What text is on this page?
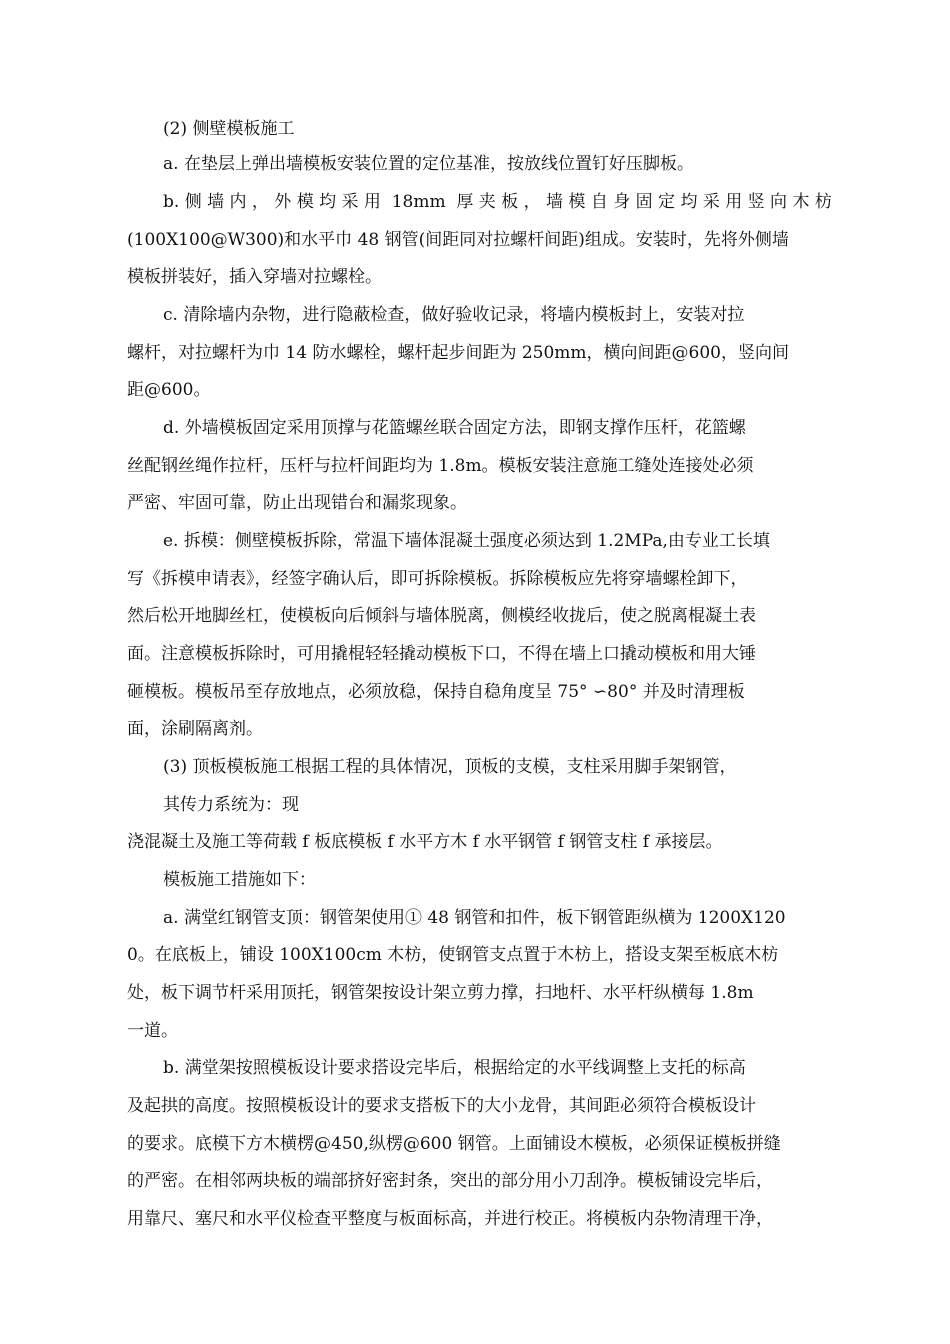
(2) 侧壁模板施工
a. 在垫层上弹出墙模板安装位置的定位基准，按放线位置钉好压脚板。
b. 侧 墙 内 ， 外 模 均 采 用  18mm  厚 夹 板 ， 墙 模 自 身 固 定 均 采 用 竖 向 木 枋
(100X100@W300)和水平巾 48 钢管(间距同对拉螺杆间距)组成。安装时，先将外侧墙
模板拼装好，插入穿墙对拉螺栓。
c. 清除墙内杂物，进行隐蔽检查，做好验收记录，将墙内模板封上，安装对拉
螺杆，对拉螺杆为巾 14 防水螺栓，螺杆起步间距为 250mm，横向间距@600，竖向间
距@600。
d. 外墙模板固定采用顶撑与花篮螺丝联合固定方法，即钢支撑作压杆，花篮螺
丝配钢丝绳作拉杆，压杆与拉杆间距均为 1.8m。模板安装注意施工缝处连接处必须
严密、牢固可靠，防止出现错台和漏浆现象。
e. 拆模：侧壁模板拆除，常温下墙体混凝土强度必须达到 1.2MPa,由专业工长填
写《拆模申请表》，经签字确认后，即可拆除模板。拆除模板应先将穿墙螺栓卸下，
然后松开地脚丝杠，使模板向后倾斜与墙体脱离，侧模经收拢后，使之脱离棍凝土表
面。注意模板拆除时，可用撬棍轻轻撬动模板下口，不得在墙上口撬动模板和用大锤
砸模板。模板吊至存放地点，必须放稳，保持自稳角度呈 75° ∽80° 并及时清理板
面，涂刷隔离剂。
(3) 顶板模板施工根据工程的具体情况，顶板的支模，支柱采用脚手架钢管，
其传力系统为：现
浇混凝土及施工等荷载 f 板底模板 f 水平方木 f 水平钢管 f 钢管支柱 f 承接层。
模板施工措施如下：
a. 满堂红钢管支顶：钢管架使用① 48 钢管和扣件，板下钢管距纵横为 1200X120
0。在底板上，铺设 100X100cm 木枋，使钢管支点置于木枋上，搭设支架至板底木枋
处，板下调节杆采用顶托，钢管架按设计架立剪力撑，扫地杆、水平杆纵横每 1.8m
一道。
b. 满堂架按照模板设计要求搭设完毕后，根据给定的水平线调整上支托的标高
及起拱的高度。按照模板设计的要求支搭板下的大小龙骨，其间距必须符合模板设计
的要求。底模下方木横楞@450,纵楞@600 钢管。上面铺设木模板，必须保证模板拼缝
的严密。在相邻两块板的端部挤好密封条，突出的部分用小刀刮净。模板铺设完毕后，
用靠尺、塞尺和水平仪检查平整度与板面标高，并进行校正。将模板内杂物清理干净，
